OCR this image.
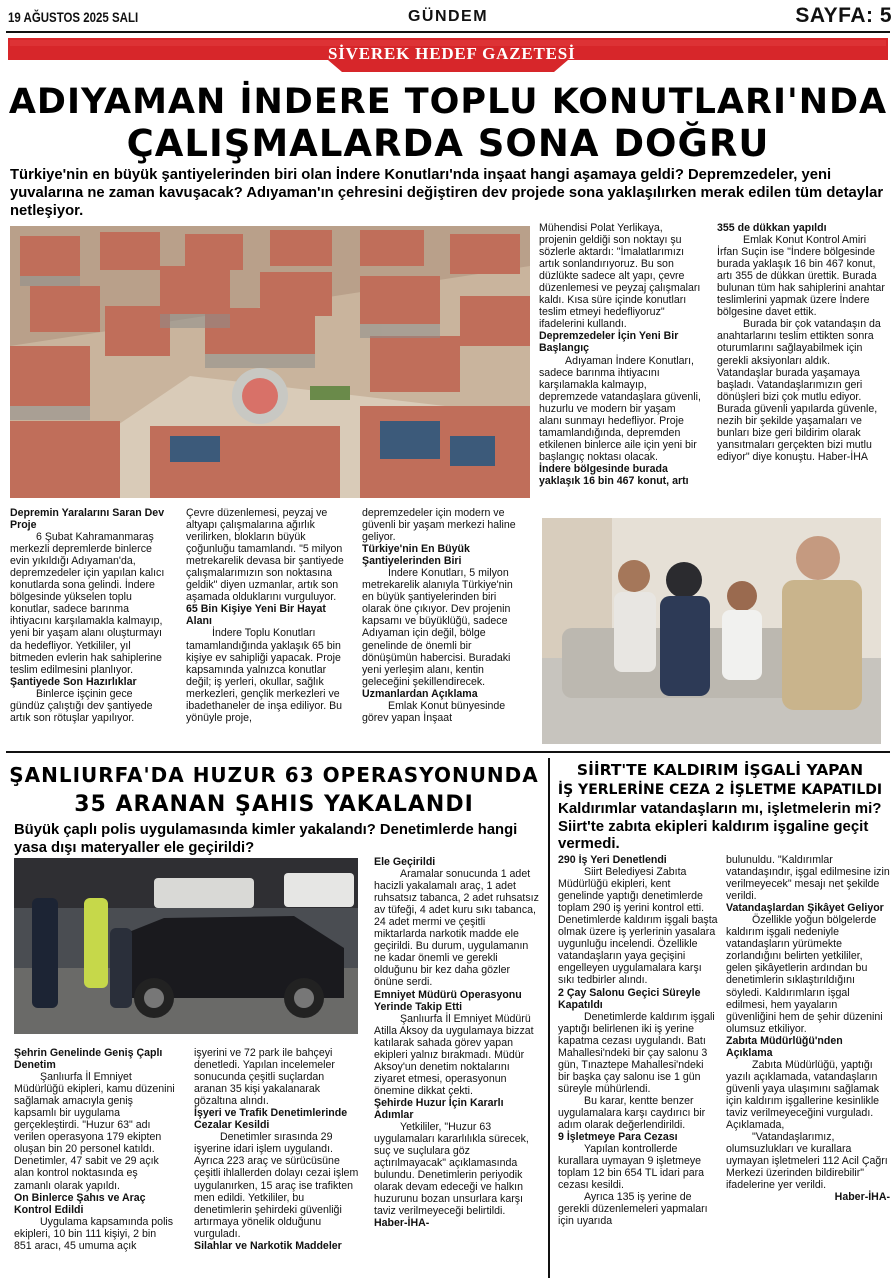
19 AĞUSTOS 2025 SALI	GÜNDEM	SAYFA: 5
SİVEREK HEDEF GAZETESİ
ADIYAMAN İNDERE TOPLU KONUTLARI'NDA
ÇALIŞMALARDA SONA DOĞRU
Türkiye'nin en büyük şantiyelerinden biri olan İndere Konutları'nda inşaat hangi aşamaya geldi? Depremzedeler, yeni yuvalarına ne zaman kavuşacak? Adıyaman'ın çehresini değiştiren dev projede sona yaklaşılırken merak edilen tüm detaylar netleşiyor.

Depremin Yaralarını Saran Dev Proje

6 Şubat Kahramanmaraş merkezli depremlerde binlerce evin yıkıldığı Adıyaman'da, depremzedeler için yapılan kalıcı konutlarda sona gelindi. İndere bölgesinde yükselen toplu konutlar, sadece barınma ihtiyacını karşılamakla kalmayıp, yeni bir yaşam alanı oluşturmayı da hedefliyor. Yetkililer, yıl bitmeden evlerin hak sahiplerine teslim edilmesini planlıyor.

Şantiyede Son Hazırlıklar

Binlerce işçinin gece gündüz çalıştığı dev şantiyede artık son rötuşlar yapılıyor.

Çevre düzenlemesi, peyzaj ve altyapı çalışmalarına ağırlık verilirken, blokların büyük çoğunluğu tamamlandı. "5 milyon metrekarelik devasa bir şantiyede çalışmalarımızın son noktasına geldik" diyen uzmanlar, artık son aşamada olduklarını vurguluyor.

65 Bin Kişiye Yeni Bir Hayat Alanı

İndere Toplu Konutları tamamlandığında yaklaşık 65 bin kişiye ev sahipliği yapacak. Proje kapsamında yalnızca konutlar değil; iş yerleri, okullar, sağlık merkezleri, gençlik merkezleri ve ibadethaneler de inşa ediliyor. Bu yönüyle proje,

depremzedeler için modern ve güvenli bir yaşam merkezi haline geliyor.

Türkiye'nin En Büyük Şantiyelerinden Biri

İndere Konutları, 5 milyon metrekarelik alanıyla Türkiye'nin en büyük şantiyelerinden biri olarak öne çıkıyor. Dev projenin kapsamı ve büyüklüğü, sadece Adıyaman için değil, bölge genelinde de önemli bir dönüşümün habercisi. Buradaki yeni yerleşim alanı, kentin geleceğini şekillendirecek.

Uzmanlardan Açıklama

Emlak Konut bünyesinde görev yapan İnşaat

Mühendisi Polat Yerlikaya, projenin geldiği son noktayı şu sözlerle aktardı: "İmalatlarımızı artık sonlandırıyoruz. Bu son düzlükte sadece alt yapı, çevre düzenlemesi ve peyzaj çalışmaları kaldı. Kısa süre içinde konutları teslim etmeyi hedefliyoruz" ifadelerini kullandı.

Depremzedeler İçin Yeni Bir Başlangıç

Adıyaman İndere Konutları, sadece barınma ihtiyacını karşılamakla kalmayıp, depremzede vatandaşlara güvenli, huzurlu ve modern bir yaşam alanı sunmayı hedefliyor. Proje tamamlandığında, depremden etkilenen binlerce aile için yeni bir başlangıç noktası olacak.

İndere bölgesinde burada yaklaşık 16 bin 467 konut, artı

355 de dükkan yapıldı

Emlak Konut Kontrol Amiri İrfan Suçin ise "İndere bölgesinde burada yaklaşık 16 bin 467 konut, artı 355 de dükkan ürettik. Burada bulunan tüm hak sahiplerini anahtar teslimlerini yapmak üzere İndere bölgesine davet ettik.

Burada bir çok vatandaşın da anahtarlarını teslim ettikten sonra oturumlarını sağlayabilmek için gerekli aksiyonları aldık. Vatandaşlar burada yaşamaya başladı. Vatandaşlarımızın geri dönüşleri bizi çok mutlu ediyor. Burada güvenli yapılarda güvenle, nezih bir şekilde yaşamaları ve bunları bize geri bildirim olarak yansıtmaları gerçekten bizi mutlu ediyor" diye konuştu. Haber-İHA

ŞANLIURFA'DA HUZUR 63 OPERASYONUNDA
35 ARANAN ŞAHIS YAKALANDI
Büyük çaplı polis uygulamasında kimler yakalandı? Denetimlerde hangi yasa dışı materyaller ele geçirildi?

Şehrin Genelinde Geniş Çaplı Denetim

Şanlıurfa İl Emniyet Müdürlüğü ekipleri, kamu düzenini sağlamak amacıyla geniş kapsamlı bir uygulama gerçekleştirdi. "Huzur 63" adı verilen operasyona 179 ekipten oluşan bin 20 personel katıldı. Denetimler, 47 sabit ve 29 açık alan kontrol noktasında eş zamanlı olarak yapıldı.

On Binlerce Şahıs ve Araç Kontrol Edildi

Uygulama kapsamında polis ekipleri, 10 bin 111 kişiyi, 2 bin 851 aracı, 45 umuma açık

işyerini ve 72 park ile bahçeyi denetledi. Yapılan incelemeler sonucunda çeşitli suçlardan aranan 35 kişi yakalanarak gözaltına alındı.

İşyeri ve Trafik Denetimlerinde Cezalar Kesildi

Denetimler sırasında 29 işyerine idari işlem uygulandı. Ayrıca 223 araç ve sürücüsüne çeşitli ihlallerden dolayı cezai işlem uygulanırken, 15 araç ise trafikten men edildi. Yetkililer, bu denetimlerin şehirdeki güvenliği artırmaya yönelik olduğunu vurguladı.

Silahlar ve Narkotik Maddeler

Ele Geçirildi

Aramalar sonucunda 1 adet hacizli yakalamalı araç, 1 adet ruhsatsız tabanca, 2 adet ruhsatsız av tüfeği, 4 adet kuru sıkı tabanca, 24 adet mermi ve çeşitli miktarlarda narkotik madde ele geçirildi. Bu durum, uygulamanın ne kadar önemli ve gerekli olduğunu bir kez daha gözler önüne serdi.

Emniyet Müdürü Operasyonu Yerinde Takip Etti

Şanlıurfa İl Emniyet Müdürü Atilla Aksoy da uygulamaya bizzat katılarak sahada görev yapan ekipleri yalnız bırakmadı. Müdür Aksoy'un denetim noktalarını ziyaret etmesi, operasyonun önemine dikkat çekti.

Şehirde Huzur İçin Kararlı Adımlar

Yetkililer, "Huzur 63 uygulamaları kararlılıkla sürecek, suç ve suçlulara göz açtırılmayacak" açıklamasında bulundu. Denetimlerin periyodik olarak devam edeceği ve halkın huzurunu bozan unsurlara karşı taviz verilmeyeceği belirtildi.

Haber-İHA-

SİİRT'TE KALDIRIM İŞGALİ YAPAN
İŞ YERLERİNE CEZA 2 İŞLETME KAPATILDI
Kaldırımlar vatandaşların mı, işletmelerin mi? Siirt'te zabıta ekipleri kaldırım işgaline geçit vermedi.

290 İş Yeri Denetlendi

Siirt Belediyesi Zabıta Müdürlüğü ekipleri, kent genelinde yaptığı denetimlerde toplam 290 iş yerini kontrol etti. Denetimlerde kaldırım işgali başta olmak üzere iş yerlerinin yasalara uygunluğu incelendi. Özellikle vatandaşların yaya geçişini engelleyen uygulamalara karşı sıkı tedbirler alındı.

2 Çay Salonu Geçici Süreyle Kapatıldı

Denetimlerde kaldırım işgali yaptığı belirlenen iki iş yerine kapatma cezası uygulandı. Batı Mahallesi'ndeki bir çay salonu 3 gün, Tınaztepe Mahallesi'ndeki bir başka çay salonu ise 1 gün süreyle mühürlendi.

Bu karar, kentte benzer uygulamalara karşı caydırıcı bir adım olarak değerlendirildi.

9 İşletmeye Para Cezası

Yapılan kontrollerde kurallara uymayan 9 işletmeye toplam 12 bin 654 TL idari para cezası kesildi.

Ayrıca 135 iş yerine de gerekli düzenlemeleri yapmaları için uyarıda

bulunuldu. "Kaldırımlar vatandaşındır, işgal edilmesine izin verilmeyecek" mesajı net şekilde verildi.

Vatandaşlardan Şikâyet Geliyor

Özellikle yoğun bölgelerde kaldırım işgali nedeniyle vatandaşların yürümekte zorlandığını belirten yetkililer, gelen şikâyetlerin ardından bu denetimlerin sıklaştırıldığını söyledi. Kaldırımların işgal edilmesi, hem yayaların güvenliğini hem de şehir düzenini olumsuz etkiliyor.

Zabıta Müdürlüğü'nden Açıklama

Zabıta Müdürlüğü, yaptığı yazılı açıklamada, vatandaşların güvenli yaya ulaşımını sağlamak için kaldırım işgallerine kesinlikle taviz verilmeyeceğini vurguladı. Açıklamada,

"Vatandaşlarımız, olumsuzlukları ve kurallara uymayan işletmeleri 112 Acil Çağrı Merkezi üzerinden bildirebilir" ifadelerine yer verildi.

Haber-İHA-
